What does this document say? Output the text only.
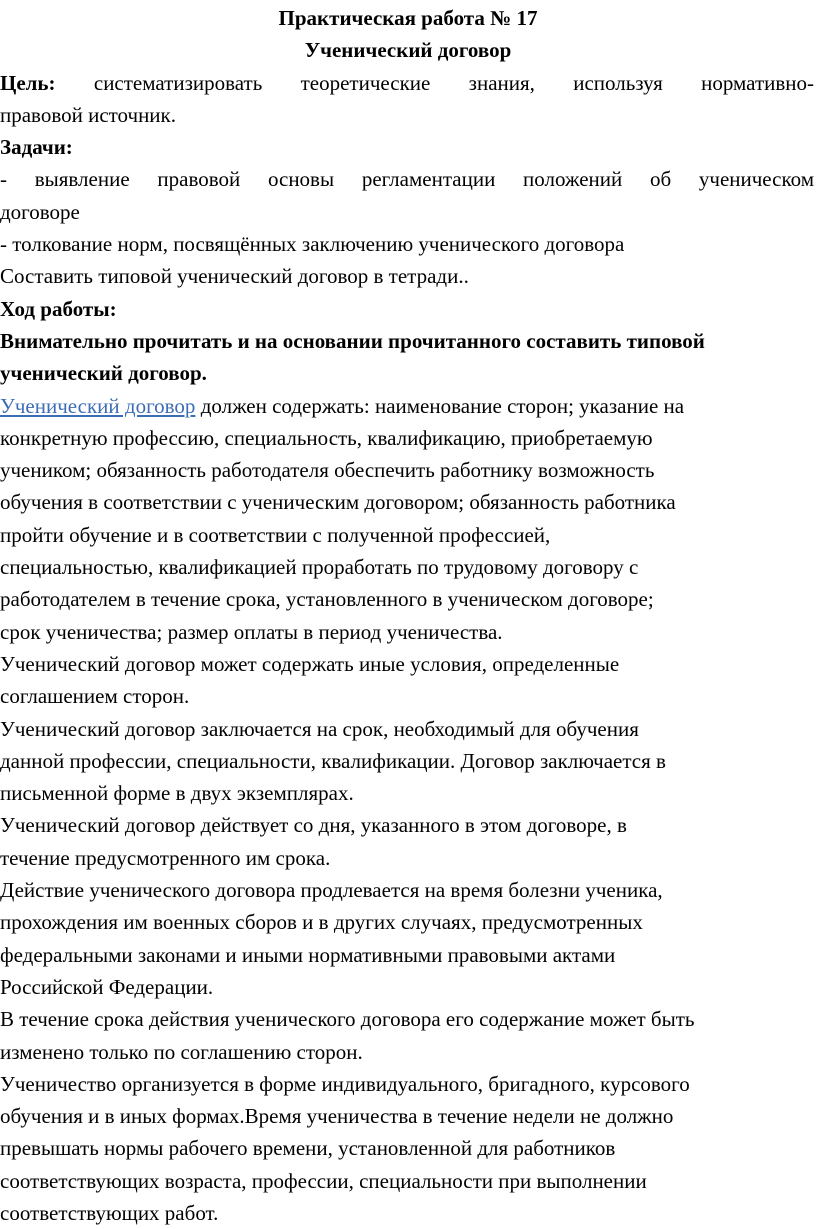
Практическая работа № 17
Ученический договор
Цель: систематизировать теоретические знания, используя нормативно-
правовой источник.
Задачи:
- выявление правовой основы регламентации положений об ученическом
договоре
- толкование норм, посвящённых заключению ученического договора
Составить типовой ученический договор в тетради..
Ход работы:
Внимательно прочитать и на основании прочитанного составить типовой
ученический договор.
Ученический договор должен содержать: наименование сторон; указание на
конкретную профессию, специальность, квалификацию, приобретаемую
учеником; обязанность работодателя обеспечить работнику возможность
обучения в соответствии с ученическим договором; обязанность работника
пройти обучение и в соответствии с полученной профессией,
специальностью, квалификацией проработать по трудовому договору с
работодателем в течение срока, установленного в ученическом договоре;
срок ученичества; размер оплаты в период ученичества.
Ученический договор может содержать иные условия, определенные
соглашением сторон.
Ученический договор заключается на срок, необходимый для обучения
данной профессии, специальности, квалификации. Договор заключается в
письменной форме в двух экземплярах.
Ученический договор действует со дня, указанного в этом договоре, в
течение предусмотренного им срока.
Действие ученического договора продлевается на время болезни ученика,
прохождения им военных сборов и в других случаях, предусмотренных
федеральными законами и иными нормативными правовыми актами
Российской Федерации.
В течение срока действия ученического договора его содержание может быть
изменено только по соглашению сторон.
Ученичество организуется в форме индивидуального, бригадного, курсового
обучения и в иных формах.Время ученичества в течение недели не должно
превышать нормы рабочего времени, установленной для работников
соответствующих возраста, профессии, специальности при выполнении
соответствующих работ.
